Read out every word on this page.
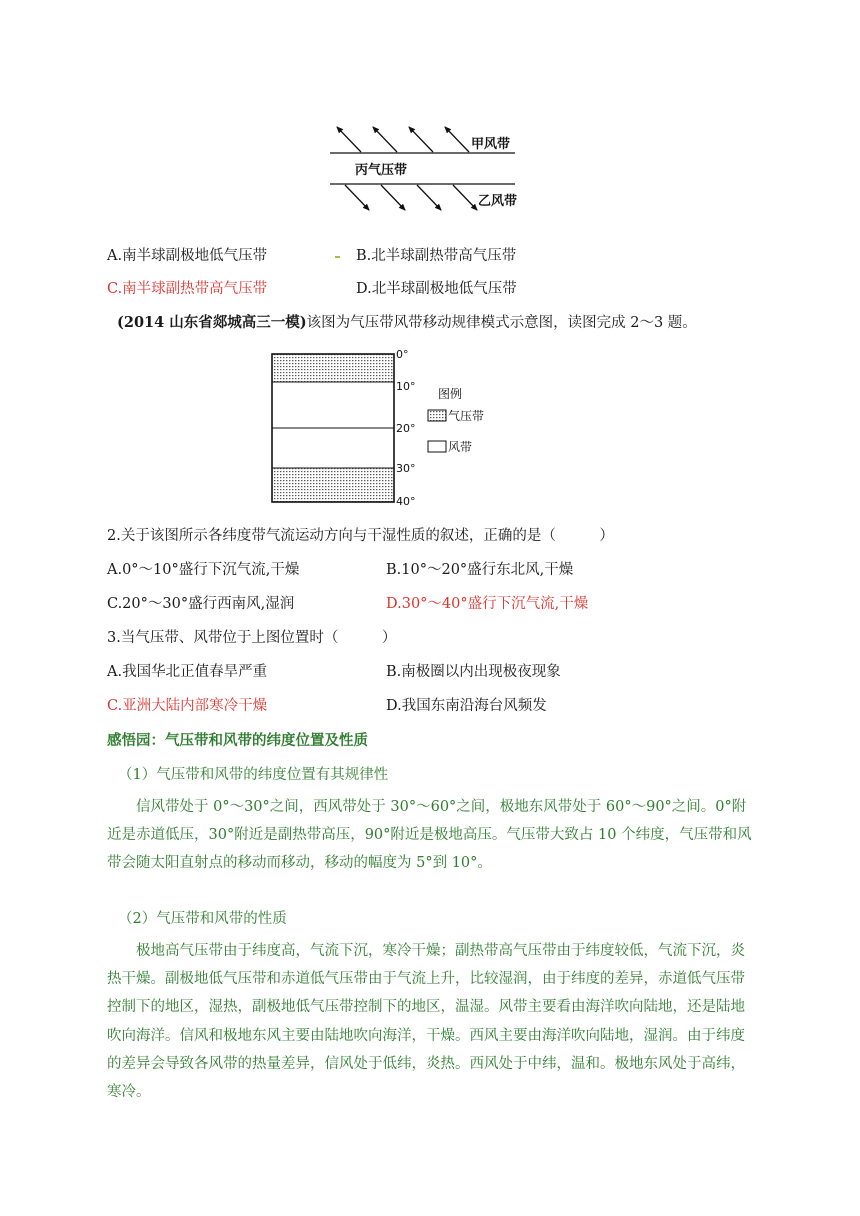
甲风带
丙气压带
乙风带
A.南半球副极地低气压带	B.北半球副热带高气压带
C.南半球副热带高气压带	D.北半球副极地低气压带
(2014 山东省郯城高三一模)该图为气压带风带移动规律模式示意图，读图完成 2～3 题。
0°
10°
20°
30°
40°
图例
气压带
风带
2.关于该图所示各纬度带气流运动方向与干湿性质的叙述，正确的是（　　　）
A.0°～10°盛行下沉气流,干燥	B.10°～20°盛行东北风,干燥
C.20°～30°盛行西南风,湿润	D.30°～40°盛行下沉气流,干燥
3.当气压带、风带位于上图位置时（　　　）
A.我国华北正值春旱严重	B.南极圈以内出现极夜现象
C.亚洲大陆内部寒冷干燥	D.我国东南沿海台风频发
感悟园：气压带和风带的纬度位置及性质
（1）气压带和风带的纬度位置有其规律性
信风带处于 0°～30°之间，西风带处于 30°～60°之间，极地东风带处于 60°～90°之间。0°附近是赤道低压，30°附近是副热带高压，90°附近是极地高压。气压带大致占 10 个纬度，气压带和风带会随太阳直射点的移动而移动，移动的幅度为 5°到 10°。
（2）气压带和风带的性质
极地高气压带由于纬度高，气流下沉，寒冷干燥；副热带高气压带由于纬度较低，气流下沉，炎热干燥。副极地低气压带和赤道低气压带由于气流上升，比较湿润，由于纬度的差异，赤道低气压带控制下的地区，湿热，副极地低气压带控制下的地区，温湿。风带主要看由海洋吹向陆地，还是陆地吹向海洋。信风和极地东风主要由陆地吹向海洋，干燥。西风主要由海洋吹向陆地，湿润。由于纬度的差异会导致各风带的热量差异，信风处于低纬，炎热。西风处于中纬，温和。极地东风处于高纬，寒冷。
